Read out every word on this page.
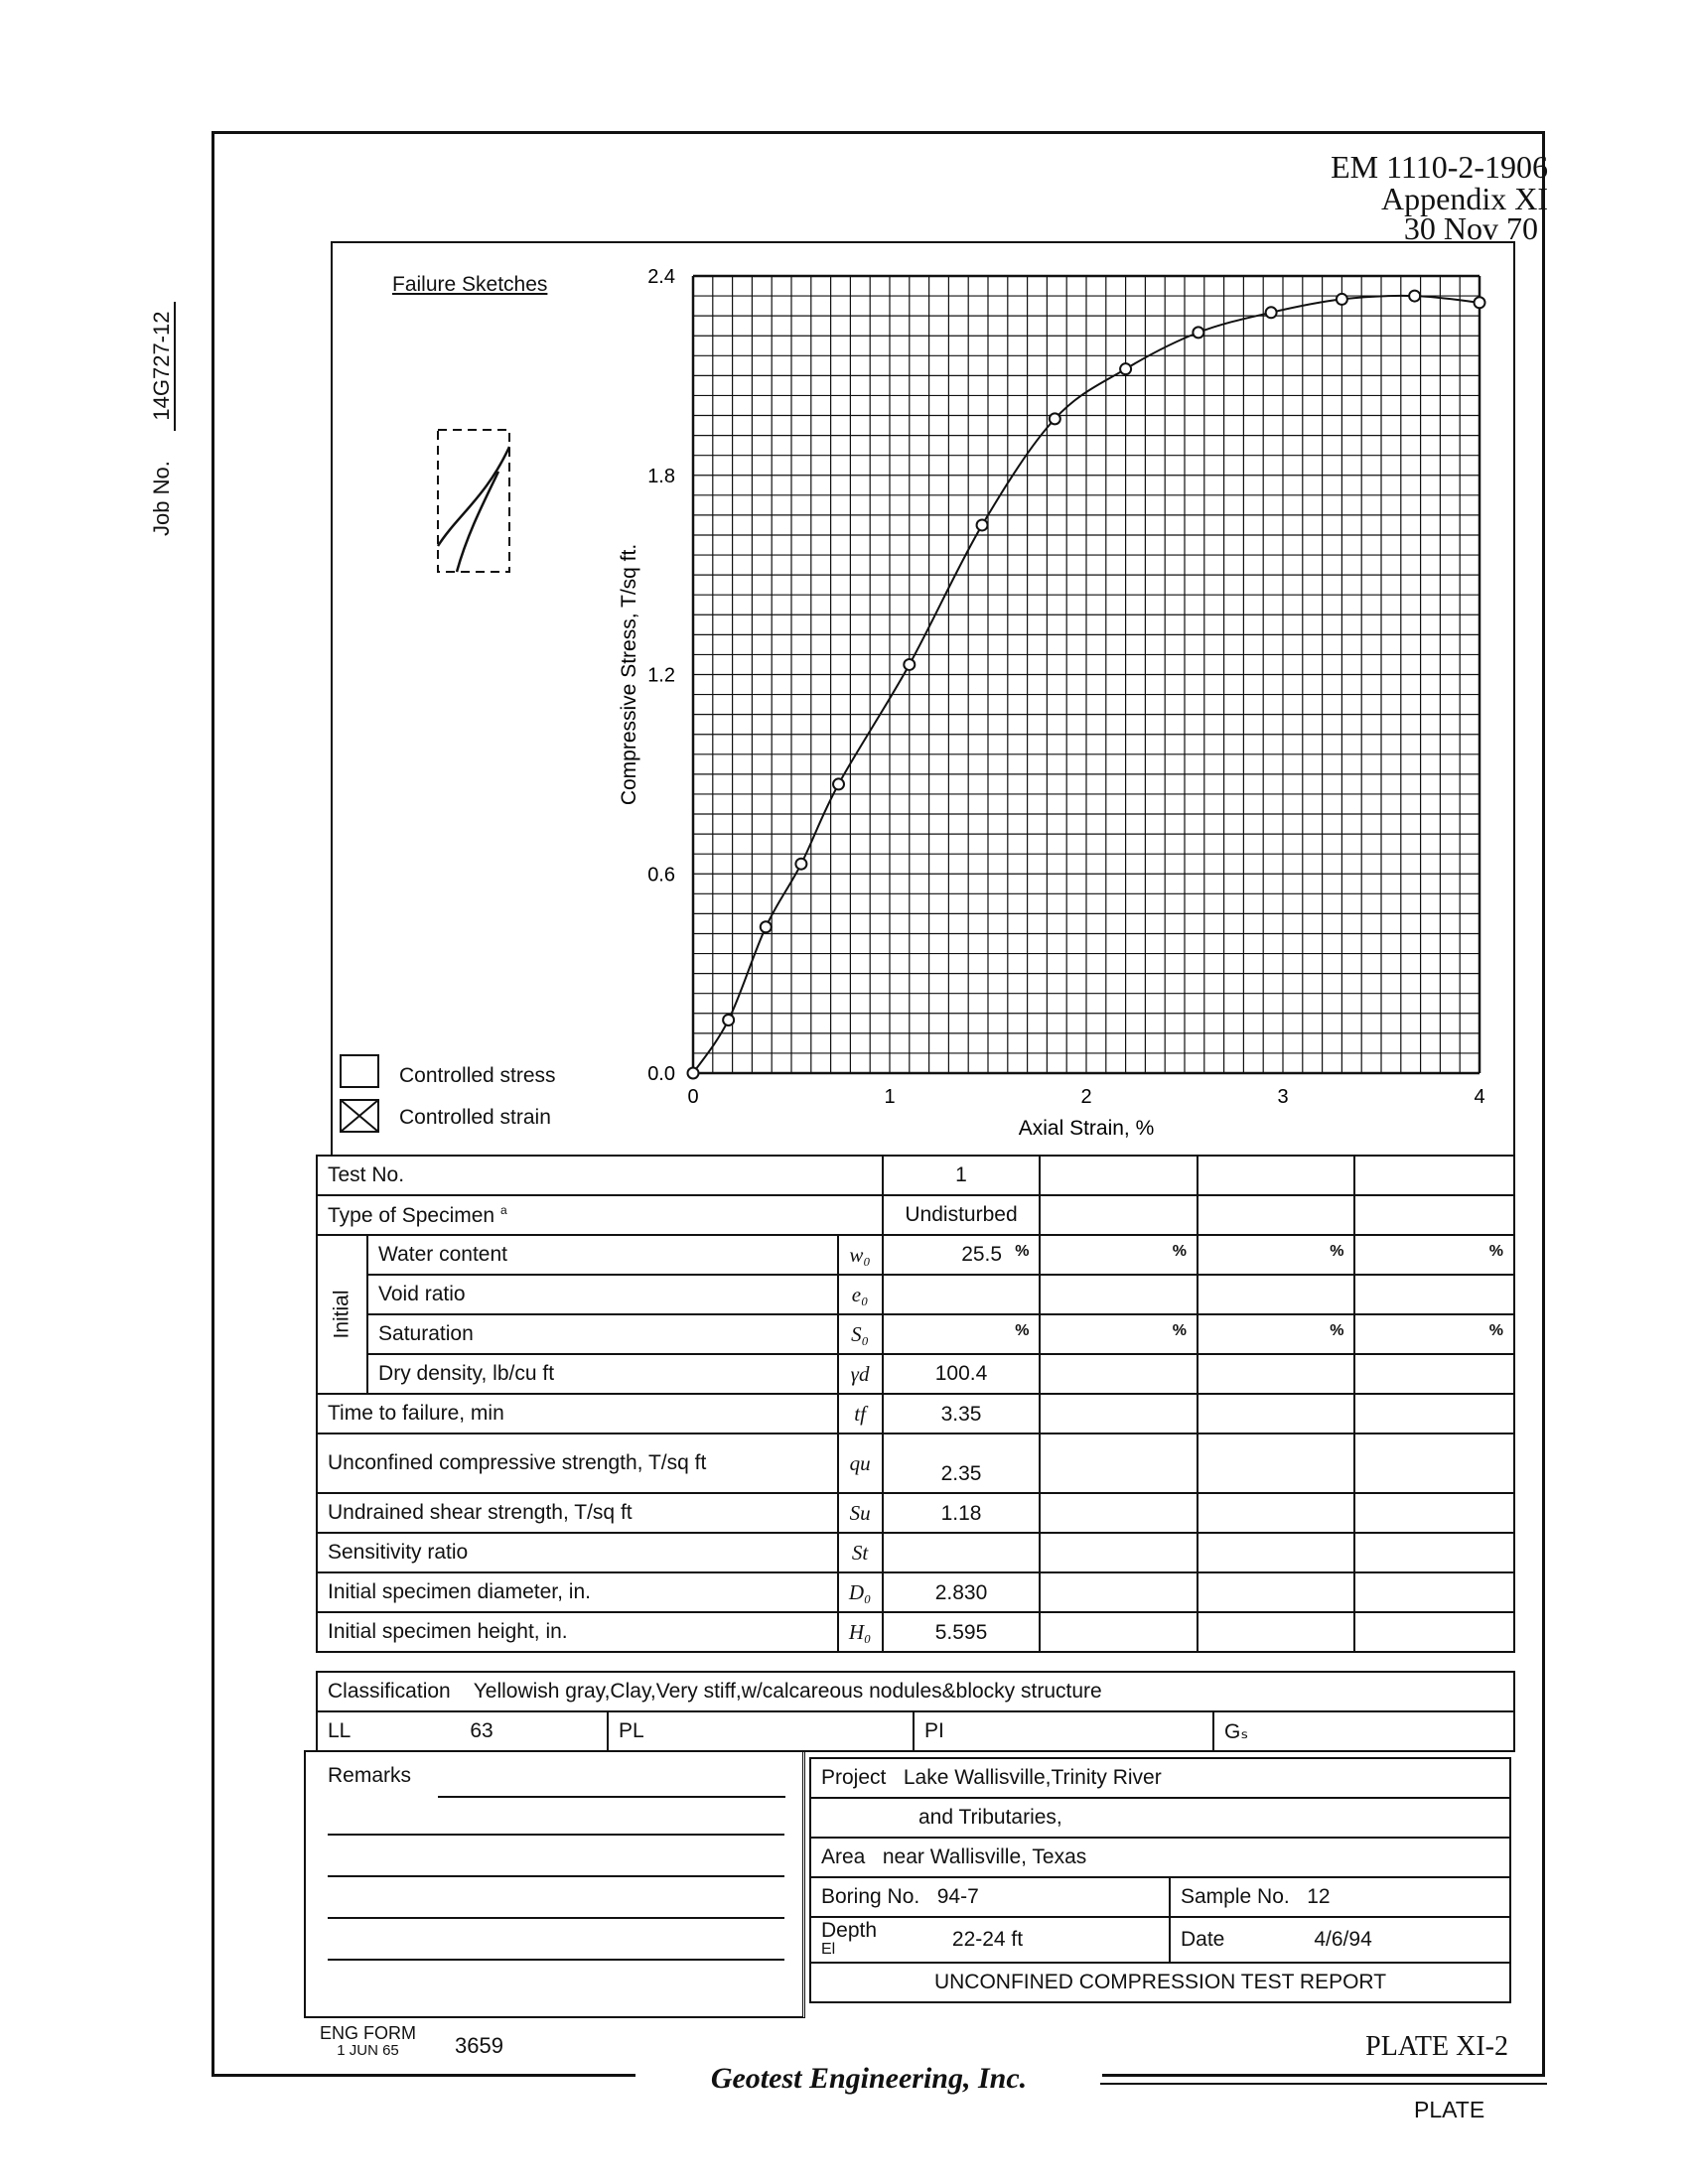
Job No.     14G727-12
EM 1110-2-1906
Appendix XI
30 Nov 70
Failure Sketches
Controlled stress
Controlled strain
0	1	2	3	4
0.0
0.6
1.2
1.8
2.4
Axial Strain, %
Compressive Stress, T/sq ft.
Test No.			1			
Type of Specimen $^a$			Undisturbed			

Initial	Water content	w₀	25.5 %	%	%	%

	Void ratio	e₀				
	Saturation	S₀	%	%	%	%

	Dry density, lb/cu ft	γd	100.4			
Time to failure, min		tf	3.35			
Unconfined compressive strength, T/sq ft		qu	2.35			
Undrained shear strength, T/sq ft		Su	1.18			
Sensitivity ratio		St				
Initial specimen diameter, in.		D₀	2.830			
Initial specimen height, in.		H₀	5.595			
Classification Yellowish gray,Clay,Very stiff,w/calcareous nodules&blocky structure
LL	63	PL	PI	Gₛ
Remarks	Project Lake Wallisville,Trinity River	
and Tributaries,	
Area near Wallisville, Texas	
Boring No. 94-7	Sample No. 12
Depth
El 22-24 ft	Date 4/6/94
UNCONFINED COMPRESSION TEST REPORT	
ENG FORM
1 JUN 65	3659	PLATE XI-2
Geotest Engineering, Inc.
PLATE
